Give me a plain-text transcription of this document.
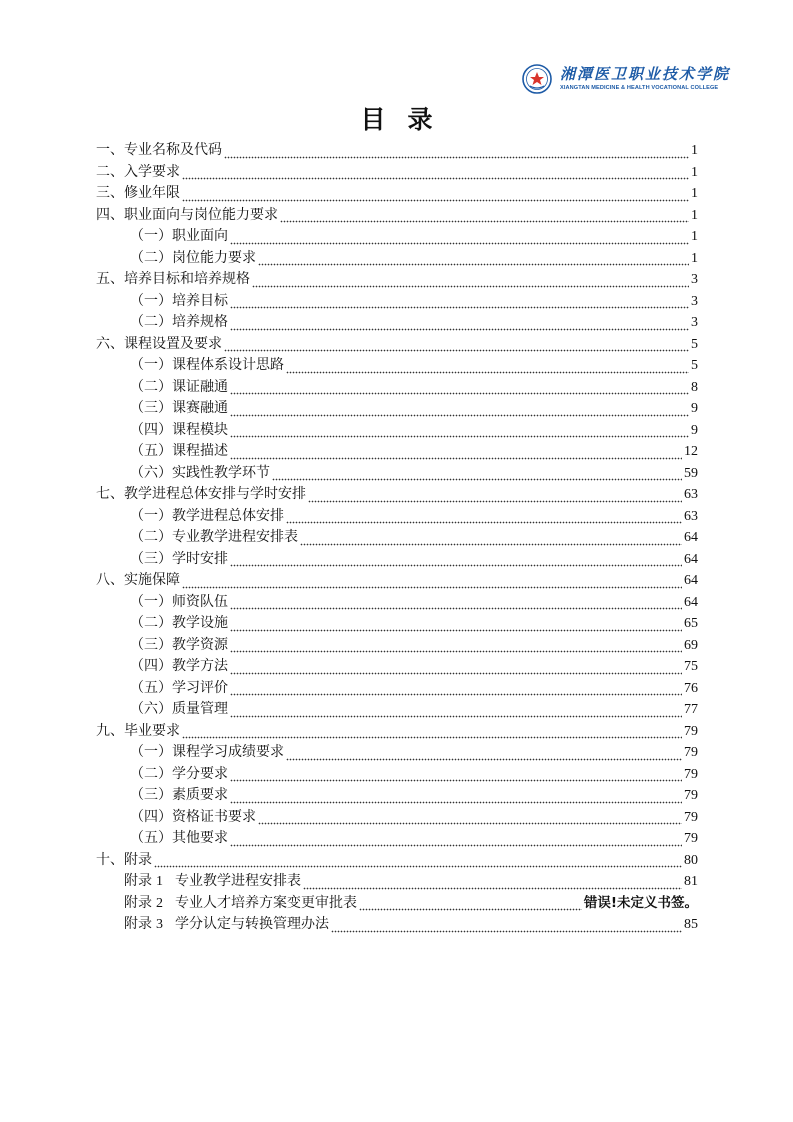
湘潭医卫职业技术学院
XIANGTAN MEDICINE & HEALTH VOCATIONAL COLLEGE
目录
一、专业名称及代码	1
二、入学要求	1
三、修业年限	1
四、职业面向与岗位能力要求	1
（一）职业面向	1
（二）岗位能力要求	1
五、培养目标和培养规格	3
（一）培养目标	3
（二）培养规格	3
六、课程设置及要求	5
（一）课程体系设计思路	5
（二）课证融通	8
（三）课赛融通	9
（四）课程模块	9
（五）课程描述	12
（六）实践性教学环节	59
七、教学进程总体安排与学时安排	63
（一）教学进程总体安排	63
（二）专业教学进程安排表	64
（三）学时安排	64
八、实施保障	64
（一）师资队伍	64
（二）教学设施	65
（三）教学资源	69
（四）教学方法	75
（五）学习评价	76
（六）质量管理	77
九、毕业要求	79
（一）课程学习成绩要求	79
（二）学分要求	79
（三）素质要求	79
（四）资格证书要求	79
（五）其他要求	79
十、附录	80
附录 1 专业教学进程安排表	81
附录 2 专业人才培养方案变更审批表	错误!未定义书签。
附录 3 学分认定与转换管理办法	85
